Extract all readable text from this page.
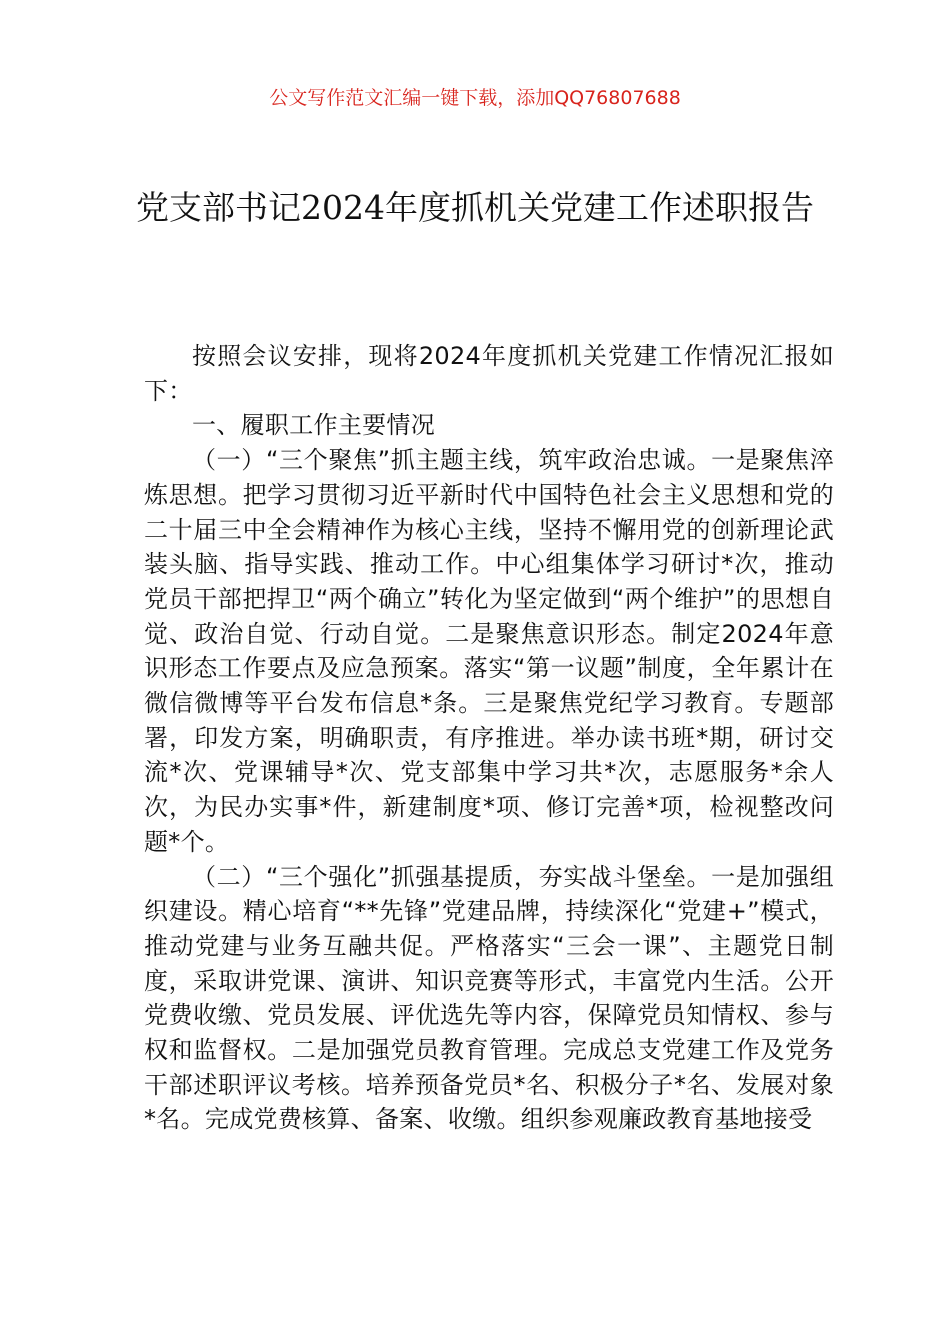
公文写作范文汇编一键下载，添加QQ76807688
党支部书记2024年度抓机关党建工作述职报告

按照会议安排，现将2024年度抓机关党建工作情况汇报如下：

一、履职工作主要情况

（一）“三个聚焦”抓主题主线，筑牢政治忠诚。一是聚焦淬炼思想。把学习贯彻习近平新时代中国特色社会主义思想和党的二十届三中全会精神作为核心主线，坚持不懈用党的创新理论武装头脑、指导实践、推动工作。中心组集体学习研讨*次，推动党员干部把捍卫“两个确立”转化为坚定做到“两个维护”的思想自觉、政治自觉、行动自觉。二是聚焦意识形态。制定2024年意识形态工作要点及应急预案。落实“第一议题”制度，全年累计在微信微博等平台发布信息*条。三是聚焦党纪学习教育。专题部署，印发方案，明确职责，有序推进。举办读书班*期，研讨交流*次、党课辅导*次、党支部集中学习共*次，志愿服务*余人次，为民办实事*件，新建制度*项、修订完善*项，检视整改问题*个。

（二）“三个强化”抓强基提质，夯实战斗堡垒。一是加强组织建设。精心培育“**先锋”党建品牌，持续深化“党建+”模式，推动党建与业务互融共促。严格落实“三会一课”、主题党日制度，采取讲党课、演讲、知识竞赛等形式，丰富党内生活。公开党费收缴、党员发展、评优选先等内容，保障党员知情权、参与权和监督权。二是加强党员教育管理。完成总支党建工作及党务干部述职评议考核。培养预备党员*名、积极分子*名、发展对象*名。完成党费核算、备案、收缴。组织参观廉政教育基地接受
